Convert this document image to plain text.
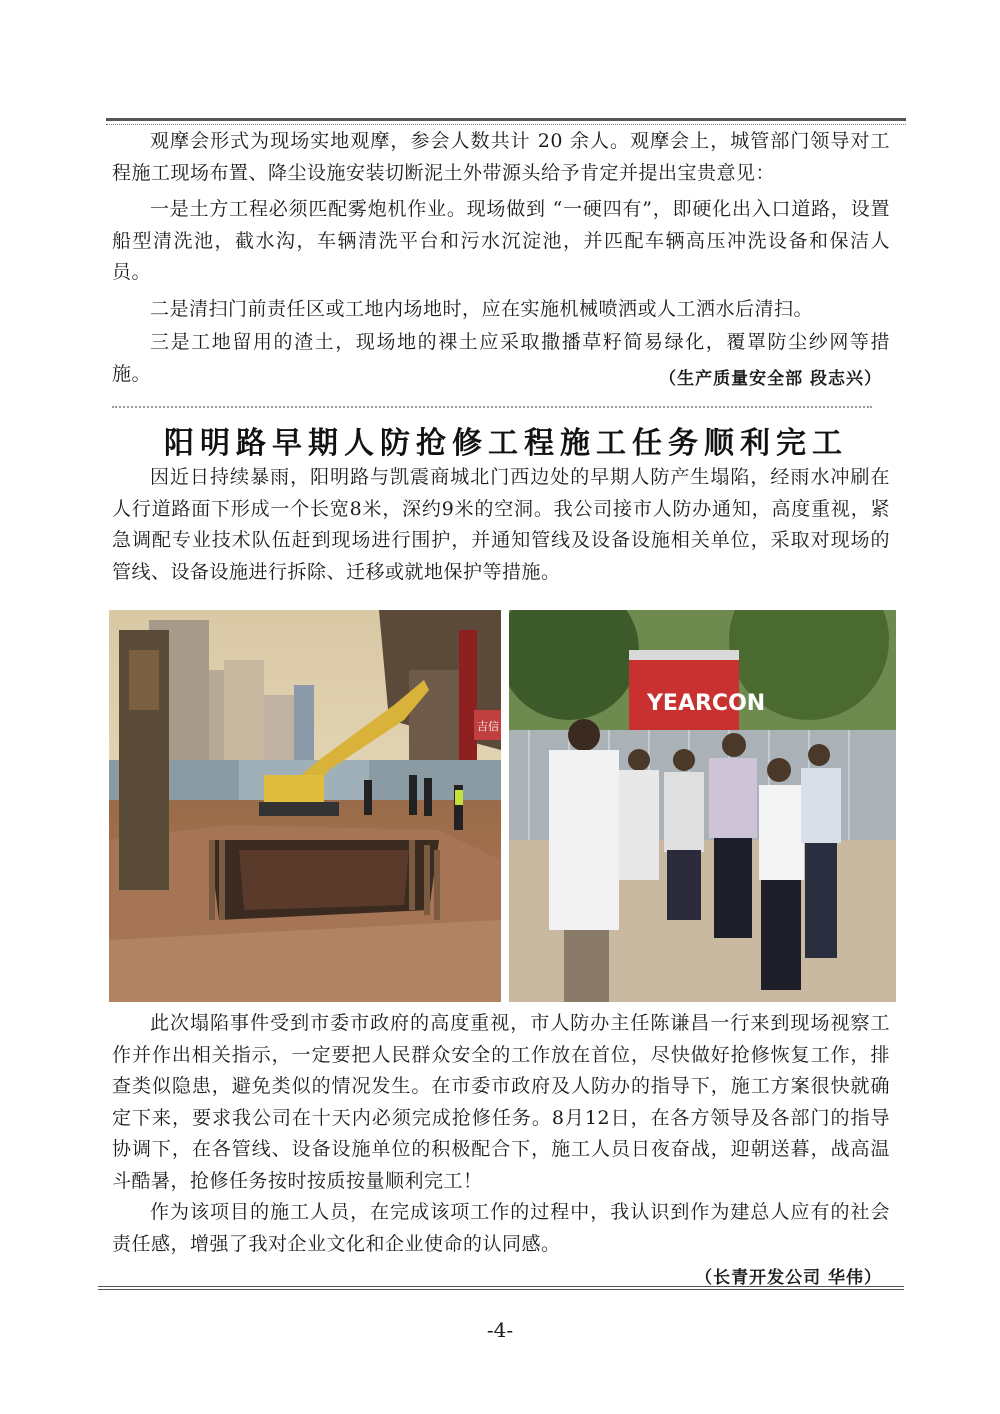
观摩会形式为现场实地观摩，参会人数共计 20 余人。观摩会上，城管部门领导对工程施工现场布置、降尘设施安装切断泥土外带源头给予肯定并提出宝贵意见：

一是土方工程必须匹配雾炮机作业。现场做到 “一硬四有”，即硬化出入口道路，设置船型清洗池，截水沟，车辆清洗平台和污水沉淀池，并匹配车辆高压冲洗设备和保洁人员。

二是清扫门前责任区或工地内场地时，应在实施机械喷洒或人工洒水后清扫。

三是工地留用的渣土，现场地的裸土应采取撒播草籽简易绿化，覆罩防尘纱网等措施。	（生产质量安全部 段志兴）
阳明路早期人防抢修工程施工任务顺利完工

因近日持续暴雨，阳明路与凯震商城北门西边处的早期人防产生塌陷，经雨水冲刷在人行道路面下形成一个长宽8米，深约9米的空洞。我公司接市人防办通知，高度重视，紧急调配专业技术队伍赶到现场进行围护，并通知管线及设备设施相关单位，采取对现场的管线、设备设施进行拆除、迁移或就地保护等措施。

吉信
YEARCON

此次塌陷事件受到市委市政府的高度重视，市人防办主任陈谦昌一行来到现场视察工作并作出相关指示，一定要把人民群众安全的工作放在首位，尽快做好抢修恢复工作，排查类似隐患，避免类似的情况发生。在市委市政府及人防办的指导下，施工方案很快就确定下来，要求我公司在十天内必须完成抢修任务。8月12日，在各方领导及各部门的指导协调下，在各管线、设备设施单位的积极配合下，施工人员日夜奋战，迎朝送暮，战高温斗酷暑，抢修任务按时按质按量顺利完工！

作为该项目的施工人员，在完成该项工作的过程中，我认识到作为建总人应有的社会责任感，增强了我对企业文化和企业使命的认同感。

（长青开发公司 华伟）
-4-
